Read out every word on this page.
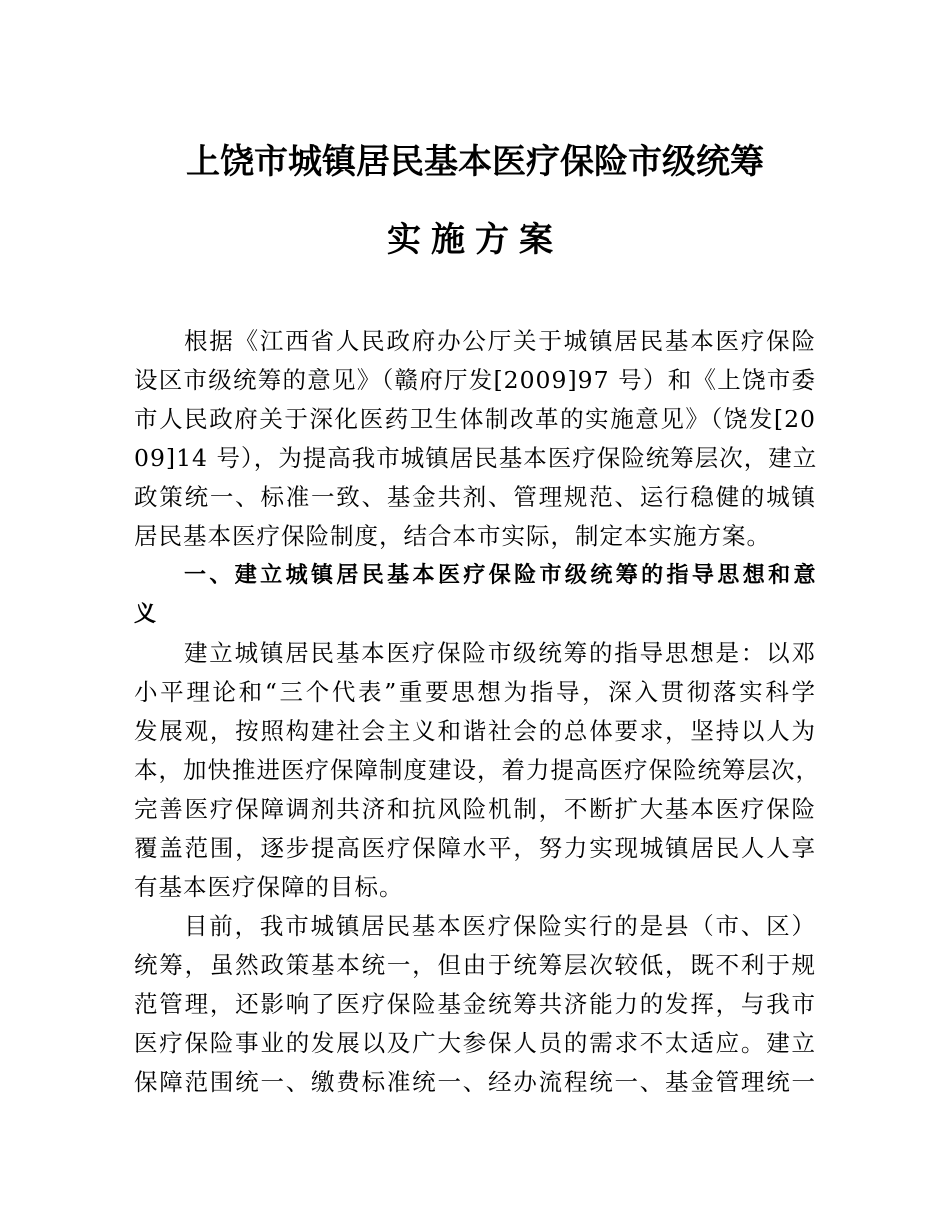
上饶市城镇居民基本医疗保险市级统筹
实施方案
根据《江西省人民政府办公厅关于城镇居民基本医疗保险
设区市级统筹的意见》（赣府厅发[2009]97 号）和《上饶市委
市人民政府关于深化医药卫生体制改革的实施意见》（饶发[20
09]14 号），为提高我市城镇居民基本医疗保险统筹层次，建立
政策统一、标准一致、基金共剂、管理规范、运行稳健的城镇
居民基本医疗保险制度，结合本市实际，制定本实施方案。
一、建立城镇居民基本医疗保险市级统筹的指导思想和意
义
建立城镇居民基本医疗保险市级统筹的指导思想是：以邓
小平理论和“三个代表”重要思想为指导，深入贯彻落实科学
发展观，按照构建社会主义和谐社会的总体要求，坚持以人为
本，加快推进医疗保障制度建设，着力提高医疗保险统筹层次，
完善医疗保障调剂共济和抗风险机制，不断扩大基本医疗保险
覆盖范围，逐步提高医疗保障水平，努力实现城镇居民人人享
有基本医疗保障的目标。
目前，我市城镇居民基本医疗保险实行的是县（市、区）
统筹，虽然政策基本统一，但由于统筹层次较低，既不利于规
范管理，还影响了医疗保险基金统筹共济能力的发挥，与我市
医疗保险事业的发展以及广大参保人员的需求不太适应。建立
保障范围统一、缴费标准统一、经办流程统一、基金管理统一
